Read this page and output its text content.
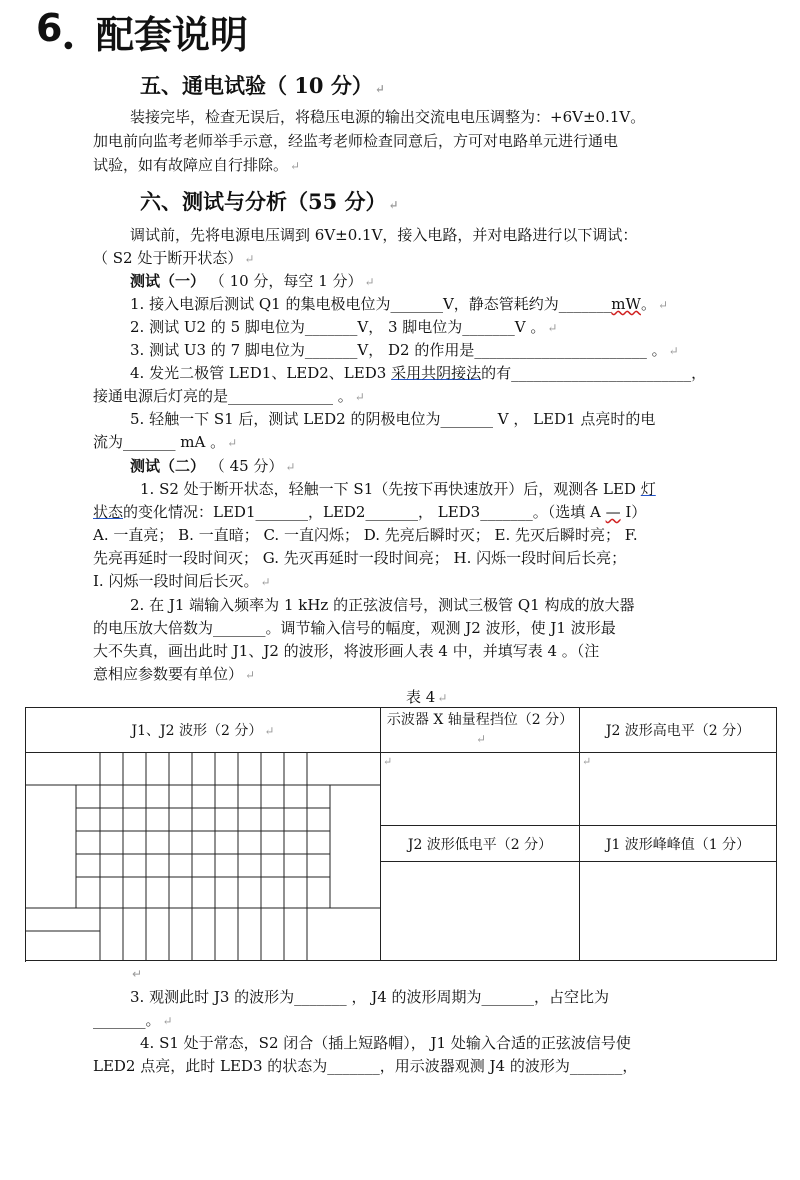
6 ● 配套说明
五、通电试验（ 10 分） ↵
装接完毕，检查无误后，将稳压电源的输出交流电电压调整为：+6V±0.1V。
加电前向监考老师举手示意，经监考老师检查同意后，方可对电路单元进行通电
试验，如有故障应自行排除。 ↵
六、测试与分析（55 分） ↵
调试前，先将电源电压调到 6V±0.1V，接入电路，并对电路进行以下调试：
（ S2 处于断开状态） ↵
测试（一） （ 10 分，每空 1 分） ↵
1. 接入电源后测试 Q1 的集电极电位为_______V，静态管耗约为_______mW。 ↵
2. 测试 U2 的 5 脚电位为_______V， 3 脚电位为_______V 。 ↵
3. 测试 U3 的 7 脚电位为_______V， D2 的作用是_______________________ 。 ↵
4. 发光二极管 LED1、LED2、LED3 采用共阴接法的有________________________，
接通电源后灯亮的是______________ 。 ↵
5. 轻触一下 S1 后，测试 LED2 的阴极电位为_______ V ， LED1 点亮时的电
流为_______ mA 。 ↵
测试（二） （ 45 分） ↵
1. S2 处于断开状态，轻触一下 S1（先按下再快速放开）后，观测各 LED 灯
状态的变化情况：LED1_______，LED2_______， LED3_______。（选填 A — I）
A. 一直亮； B. 一直暗； C. 一直闪烁； D. 先亮后瞬时灭； E. 先灭后瞬时亮； F.
先亮再延时一段时间灭； G. 先灭再延时一段时间亮； H. 闪烁一段时间后长亮；
I. 闪烁一段时间后长灭。 ↵
2. 在 J1 端输入频率为 1 kHz 的正弦波信号，测试三极管 Q1 构成的放大器
的电压放大倍数为_______。调节输入信号的幅度，观测 J2 波形，使 J1 波形最
大不失真，画出此时 J1、J2 的波形，将波形画人表 4 中，并填写表 4 。（注
意相应参数要有单位） ↵
表 4 ↵
J1、J2 波形（2 分） ↵	示波器 X 轴量程挡位（2 分）↵	J2 波形高电平（2 分）

↵	↵

	J2 波形低电平（2 分）	J1 波形峰峰值（1 分）

↵
3. 观测此时 J3 的波形为_______ ， J4 的波形周期为_______，占空比为
_______。 ↵
4. S1 处于常态，S2 闭合（插上短路帽）， J1 处输入合适的正弦波信号使
LED2 点亮，此时 LED3 的状态为_______，用示波器观测 J4 的波形为_______，
